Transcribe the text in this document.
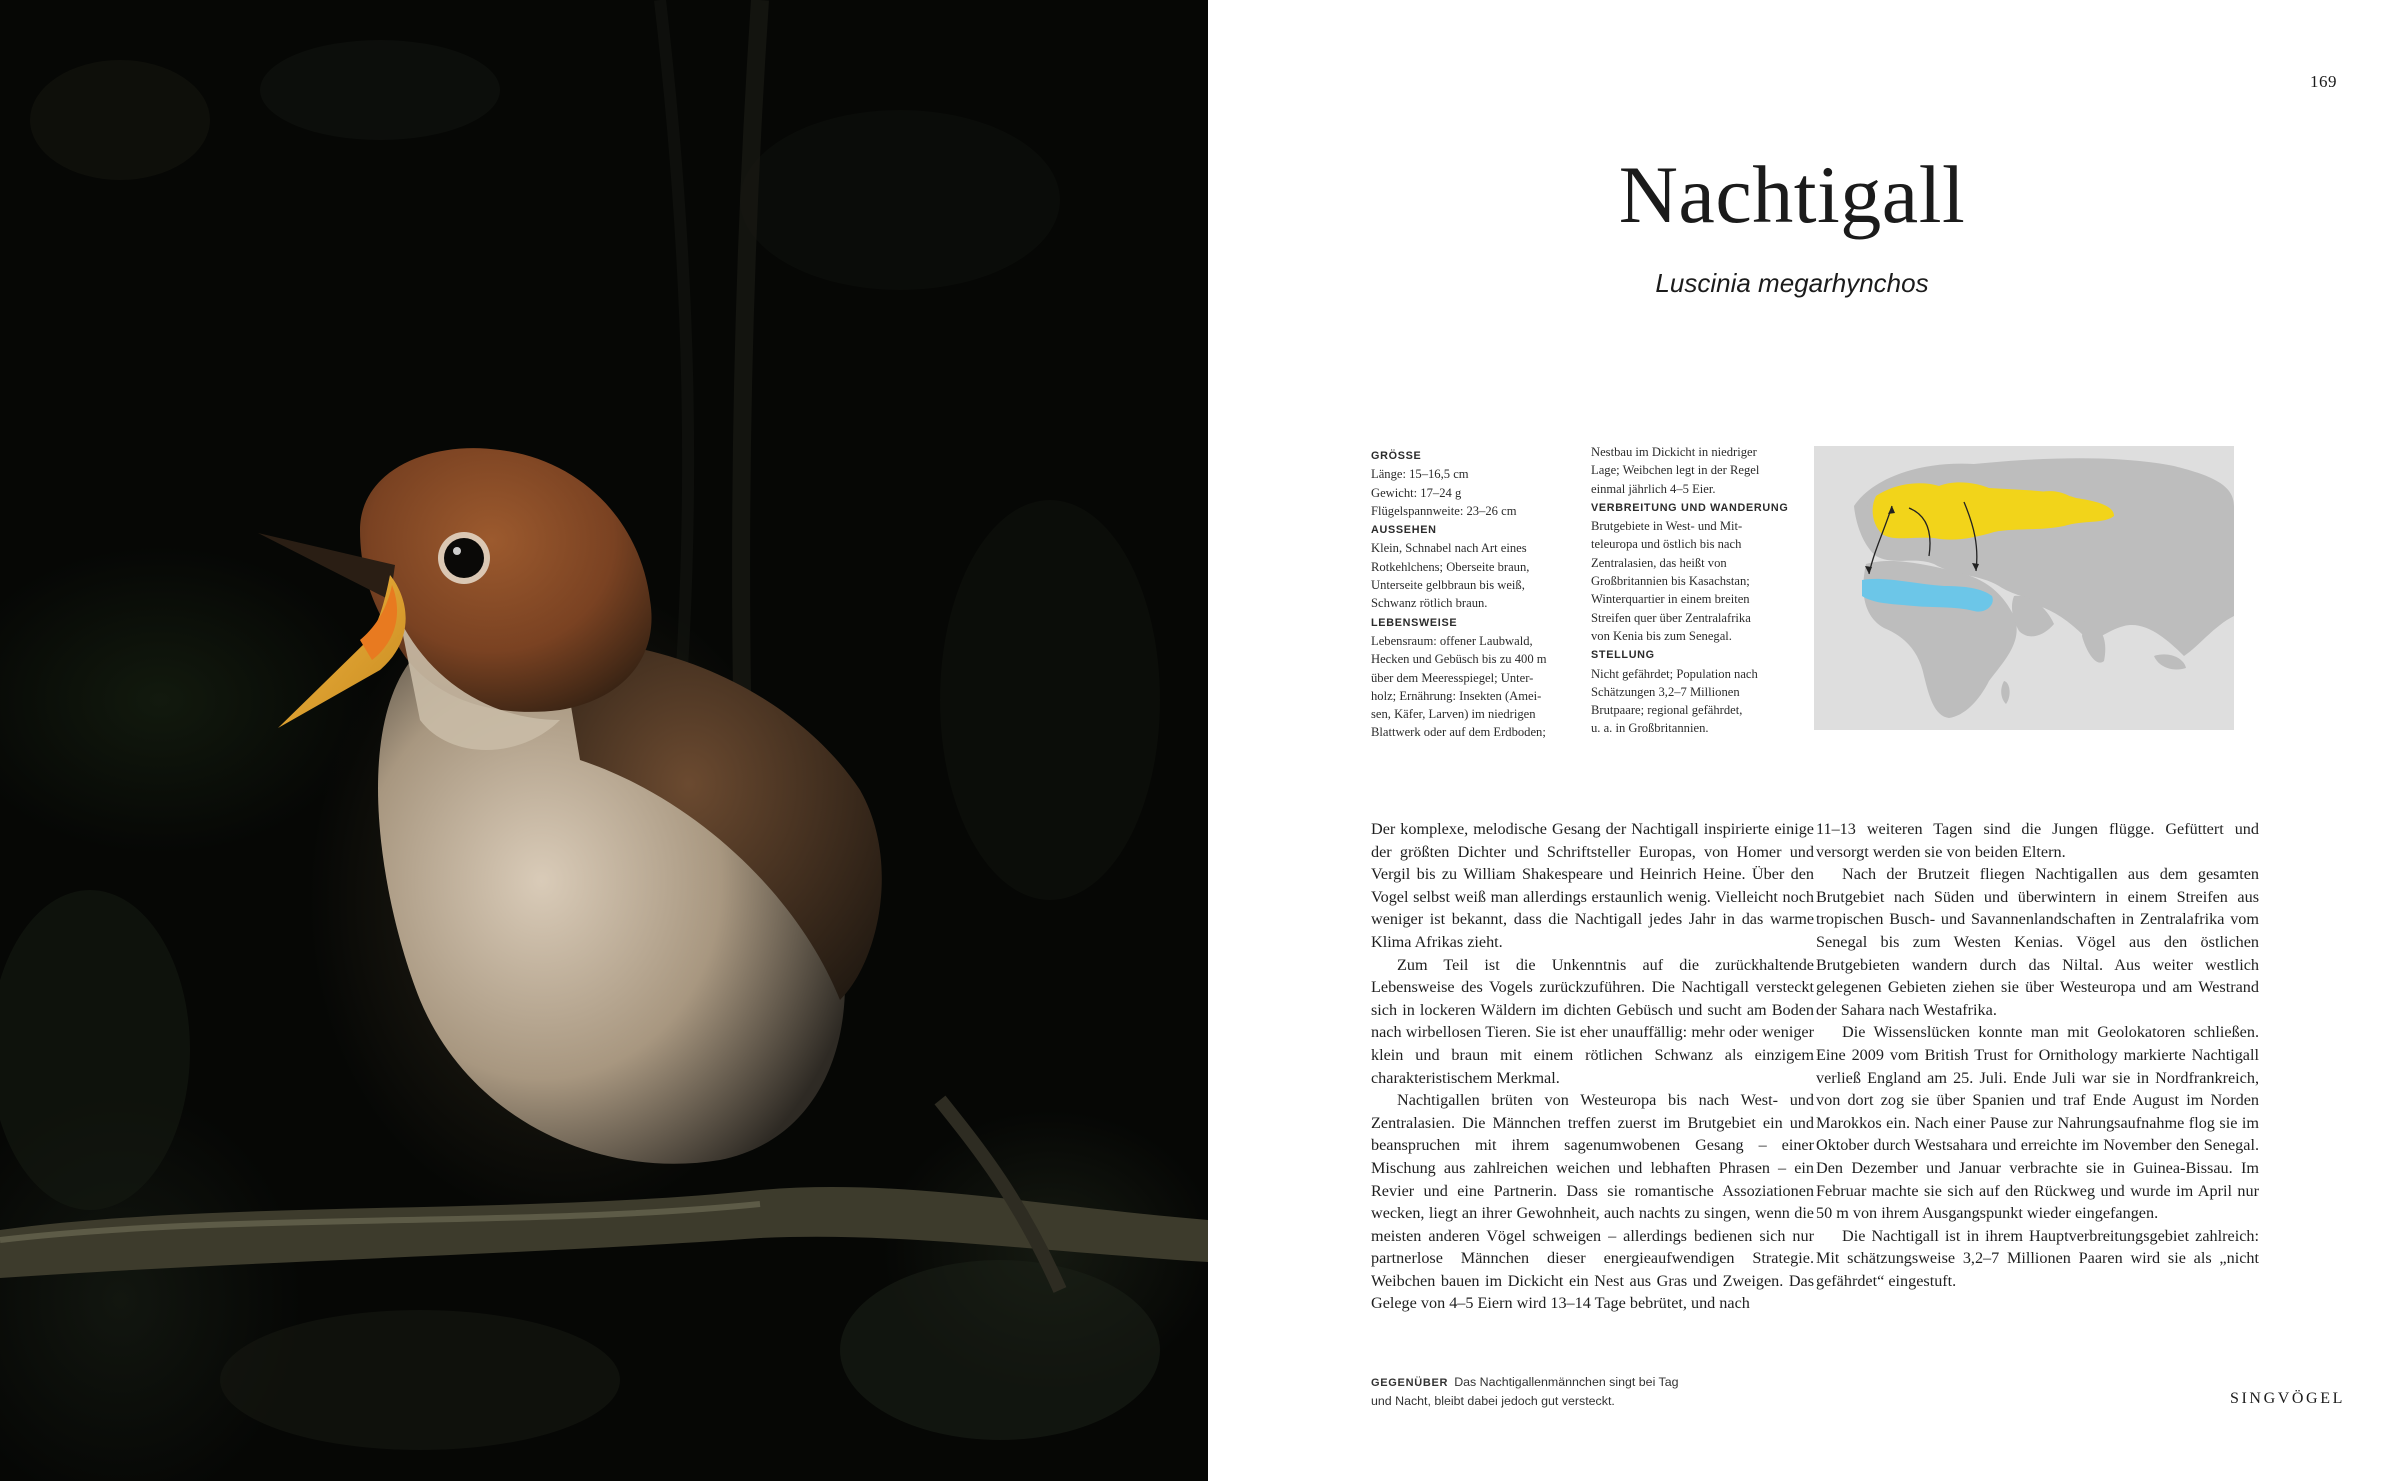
169
Nachtigall
Luscinia megarhynchos
GRÖSSE
Länge: 15–16,5 cm
Gewicht: 17–24 g
Flügelspannweite: 23–26 cm
AUSSEHEN
Klein, Schnabel nach Art eines
Rotkehlchens; Oberseite braun,
Unterseite gelbbraun bis weiß,
Schwanz rötlich braun.
LEBENSWEISE
Lebensraum: offener Laubwald,
Hecken und Gebüsch bis zu 400 m
über dem Meeresspiegel; Unter-
holz; Ernährung: Insekten (Amei-
sen, Käfer, Larven) im niedrigen
Blattwerk oder auf dem Erdboden;
Nestbau im Dickicht in niedriger
Lage; Weibchen legt in der Regel
einmal jährlich 4–5 Eier.
VERBREITUNG UND WANDERUNG
Brutgebiete in West- und Mit-
teleuropa und östlich bis nach
Zentralasien, das heißt von
Großbritannien bis Kasachstan;
Winterquartier in einem breiten
Streifen quer über Zentralafrika
von Kenia bis zum Senegal.
STELLUNG
Nicht gefährdet; Population nach
Schätzungen 3,2–7 Millionen
Brutpaare; regional gefährdet,
u. a. in Großbritannien.

Der komplexe, melodische Gesang der Nachtigall inspirierte einige der größten Dichter und Schriftsteller Europas, von Homer und Vergil bis zu William Shakespeare und Heinrich Heine. Über den Vogel selbst weiß man allerdings erstaunlich wenig. Vielleicht noch weniger ist bekannt, dass die Nachtigall jedes Jahr in das warme Klima Afrikas zieht.

Zum Teil ist die Unkenntnis auf die zurückhaltende Lebensweise des Vogels zurückzuführen. Die Nachtigall versteckt sich in lockeren Wäldern im dichten Gebüsch und sucht am Boden nach wirbellosen Tieren. Sie ist eher unauffällig: mehr oder weniger klein und braun mit einem rötlichen Schwanz als einzigem charakteristischem Merkmal.

Nachtigallen brüten von Westeuropa bis nach West- und Zentralasien. Die Männchen treffen zuerst im Brutgebiet ein und beanspruchen mit ihrem sagenumwobenen Gesang – einer Mischung aus zahlreichen weichen und lebhaften Phrasen – ein Revier und eine Partnerin. Dass sie romantische Assoziationen wecken, liegt an ihrer Gewohnheit, auch nachts zu singen, wenn die meisten anderen Vögel schweigen – allerdings bedienen sich nur partnerlose Männchen dieser energieaufwendigen Strategie. Weibchen bauen im Dickicht ein Nest aus Gras und Zweigen. Das Gelege von 4–5 Eiern wird 13–14 Tage bebrütet, und nach

11–13 weiteren Tagen sind die Jungen flügge. Gefüttert und versorgt werden sie von beiden Eltern.

Nach der Brutzeit fliegen Nachtigallen aus dem gesamten Brutgebiet nach Süden und überwintern in einem Streifen aus tropischen Busch- und Savannenlandschaften in Zentralafrika vom Senegal bis zum Westen Kenias. Vögel aus den östlichen Brutgebieten wandern durch das Niltal. Aus weiter westlich gelegenen Gebieten ziehen sie über Westeuropa und am Westrand der Sahara nach Westafrika.

Die Wissenslücken konnte man mit Geolokatoren schließen. Eine 2009 vom British Trust for Ornithology markierte Nachtigall verließ England am 25. Juli. Ende Juli war sie in Nordfrankreich, von dort zog sie über Spanien und traf Ende August im Norden Marokkos ein. Nach einer Pause zur Nahrungsaufnahme flog sie im Oktober durch Westsahara und erreichte im November den Senegal. Den Dezember und Januar verbrachte sie in Guinea-Bissau. Im Februar machte sie sich auf den Rückweg und wurde im April nur 50 m von ihrem Ausgangspunkt wieder eingefangen.

Die Nachtigall ist in ihrem Hauptverbreitungsgebiet zahlreich: Mit schätzungsweise 3,2–7 Millionen Paaren wird sie als „nicht gefährdet“ eingestuft.

GEGENÜBER Das Nachtigallenmännchen singt bei Tag und Nacht, bleibt dabei jedoch gut versteckt.	SINGVÖGEL
